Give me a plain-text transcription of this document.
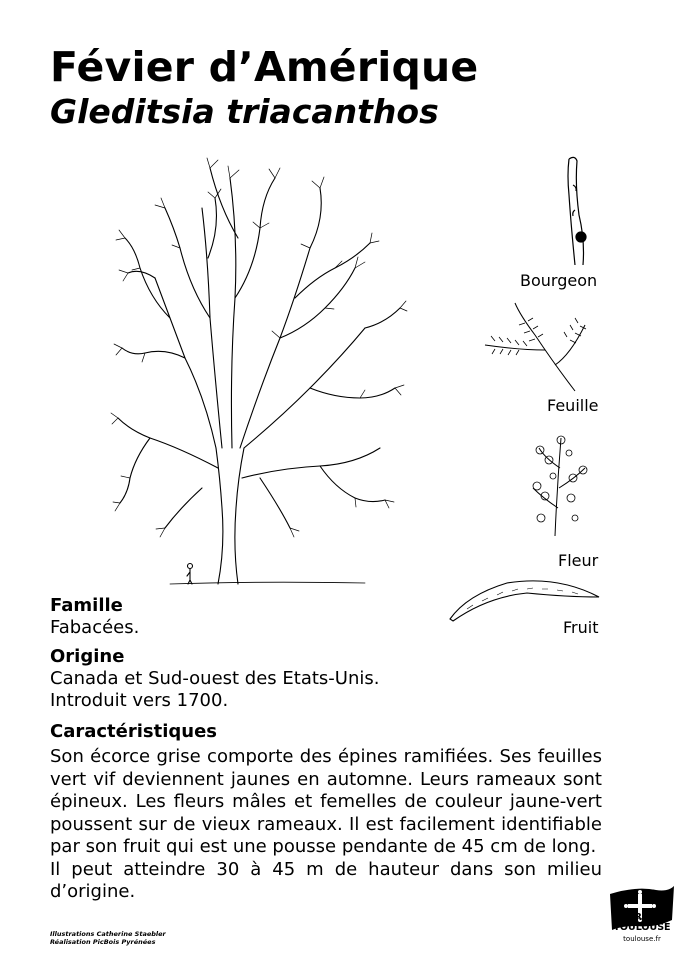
Févier d’Amérique
Gleditsia triacanthos
Bourgeon
Feuille
Fleur
Fruit
Famille
Fabacées.
Origine
Canada et Sud-ouest des Etats-Unis.
Introduit vers 1700.
Caractéristiques

Son écorce grise comporte des épines ramifiées. Ses feuilles vert vif deviennent jaunes en automne. Leurs rameaux sont épineux. Les fleurs mâles et femelles de couleur jaune-vert poussent sur de vieux rameaux. Il est facilement identifiable par son fruit qui est une pousse pendante de 45 cm de long.

Il peut atteindre 30 à 45 m de hauteur dans son milieu d’origine.

Illustrations Catherine Staebler
Réalisation PicBois Pyrénées
MAIRIE DE
TOULOUSE
toulouse.fr
